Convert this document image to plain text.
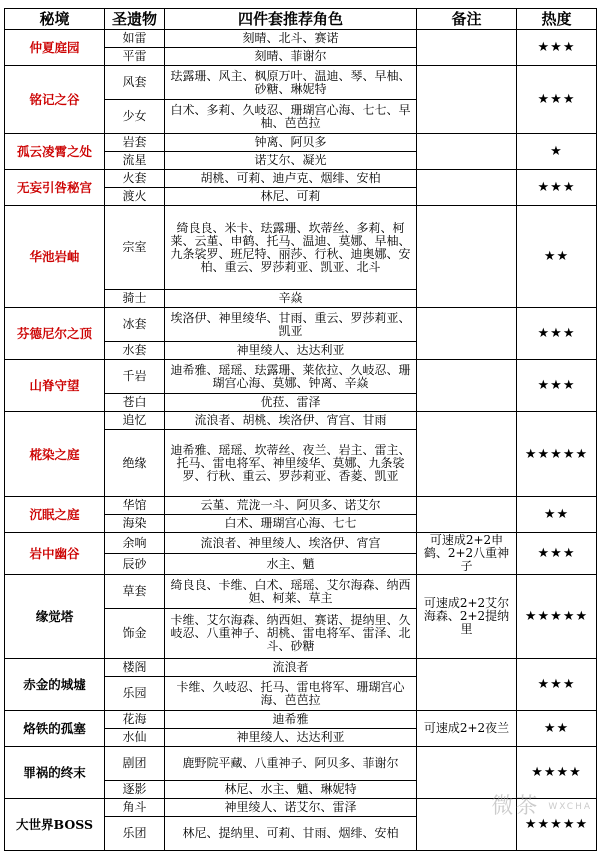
秘境	圣遗物	四件套推荐角色	备注	热度
仲夏庭园	如雷	刻晴、北斗、赛诺		★★★
	平雷	刻晴、菲谢尔		
铭记之谷	风套	珐露珊、风主、枫原万叶、温迪、琴、早柚、砂糖、琳妮特		★★★
	少女	白术、多莉、久岐忍、珊瑚宫心海、七七、早柚、芭芭拉		
孤云凌霄之处	岩套	钟离、阿贝多		★
	流星	诺艾尔、凝光		
无妄引咎秘宫	火套	胡桃、可莉、迪卢克、烟绯、安柏		★★★
	渡火	林尼、可莉		
华池岩岫	宗室	绮良良、米卡、珐露珊、坎蒂丝、多莉、柯莱、云堇、申鹤、托马、温迪、莫娜、早柚、九条裟罗、班尼特、丽莎、行秋、迪奥娜、安柏、重云、罗莎莉亚、凯亚、北斗		★★
	骑士	辛焱		
芬德尼尔之顶	冰套	埃洛伊、神里绫华、甘雨、重云、罗莎莉亚、凯亚		★★★
	水套	神里绫人、达达利亚		
山脊守望	千岩	迪希雅、瑶瑶、珐露珊、莱依拉、久岐忍、珊瑚宫心海、莫娜、钟离、辛焱		★★★
	苍白	优菈、雷泽		
椛染之庭	追忆	流浪者、胡桃、埃洛伊、宵宫、甘雨		★★★★★
	绝缘	迪希雅、瑶瑶、坎蒂丝、夜兰、岩主、雷主、托马、雷电将军、神里绫华、莫娜、九条裟罗、行秋、重云、罗莎莉亚、香菱、凯亚		
沉眠之庭	华馆	云堇、荒泷一斗、阿贝多、诺艾尔		★★
	海染	白术、珊瑚宫心海、七七		
岩中幽谷	余响	流浪者、神里绫人、埃洛伊、宵宫	可速成2+2申鹤、2+2八重神子	★★★
	辰砂	水主、魈		
缘觉塔	草套	绮良良、卡维、白术、瑶瑶、艾尔海森、纳西妲、柯莱、草主	可速成2+2艾尔海森、2+2提纳里	★★★★★
	饰金	卡维、艾尔海森、纳西妲、赛诺、提纳里、久岐忍、八重神子、胡桃、雷电将军、雷泽、北斗、砂糖		
赤金的城墟	楼阁	流浪者		★★★
	乐园	卡维、久岐忍、托马、雷电将军、珊瑚宫心海、芭芭拉		
烙铁的孤塞	花海	迪希雅	可速成2+2夜兰	★★
	水仙	神里绫人、达达利亚		
罪祸的终末	剧团	鹿野院平藏、八重神子、阿贝多、菲谢尔		★★★★
	逐影	林尼、水主、魈、琳妮特		
大世界BOSS	角斗	神里绫人、诺艾尔、雷泽		★★★★★
	乐团	林尼、提纳里、可莉、甘雨、烟绯、安柏		
微茶 WXCHA
